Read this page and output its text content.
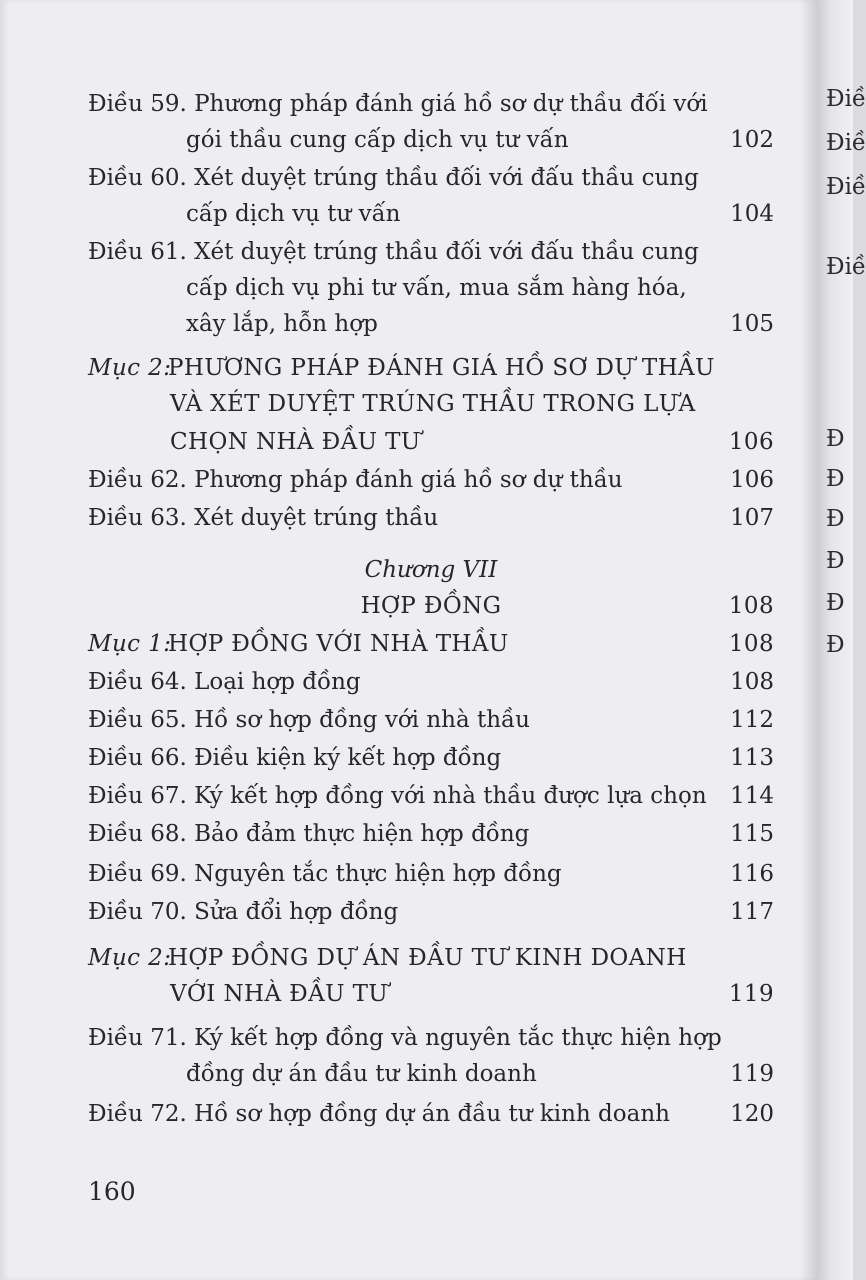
Điều 59. Phương pháp đánh giá hồ sơ dự thầu đối với
gói thầu cung cấp dịch vụ tư vấn	102
Điều 60. Xét duyệt trúng thầu đối với đấu thầu cung
cấp dịch vụ tư vấn	104
Điều 61. Xét duyệt trúng thầu đối với đấu thầu cung
cấp dịch vụ phi tư vấn, mua sắm hàng hóa,
xây lắp, hỗn hợp	105
Mục 2:
PHƯƠNG PHÁP ĐÁNH GIÁ HỒ SƠ DỰ THẦU
VÀ XÉT DUYỆT TRÚNG THẦU TRONG LỰA
CHỌN NHÀ ĐẦU TƯ	106
Điều 62. Phương pháp đánh giá hồ sơ dự thầu	106
Điều 63. Xét duyệt trúng thầu	107
Chương VII
HỢP ĐỒNG	108
Mục 1:
HỢP ĐỒNG VỚI NHÀ THẦU	108
Điều 64. Loại hợp đồng	108
Điều 65. Hồ sơ hợp đồng với nhà thầu	112
Điều 66. Điều kiện ký kết hợp đồng	113
Điều 67. Ký kết hợp đồng với nhà thầu được lựa chọn 114
Điều 68. Bảo đảm thực hiện hợp đồng	115
Điều 69. Nguyên tắc thực hiện hợp đồng	116
Điều 70. Sửa đổi hợp đồng	117
Mục 2:
HỢP ĐỒNG DỰ ÁN ĐẦU TƯ KINH DOANH
VỚI NHÀ ĐẦU TƯ	119
Điều 71. Ký kết hợp đồng và nguyên tắc thực hiện hợp
đồng dự án đầu tư kinh doanh	119
Điều 72. Hồ sơ hợp đồng dự án đầu tư kinh doanh	120
160
Điề
Điề
Điề
Điề
Đ
Đ
Đ
Đ
Đ
Đ
